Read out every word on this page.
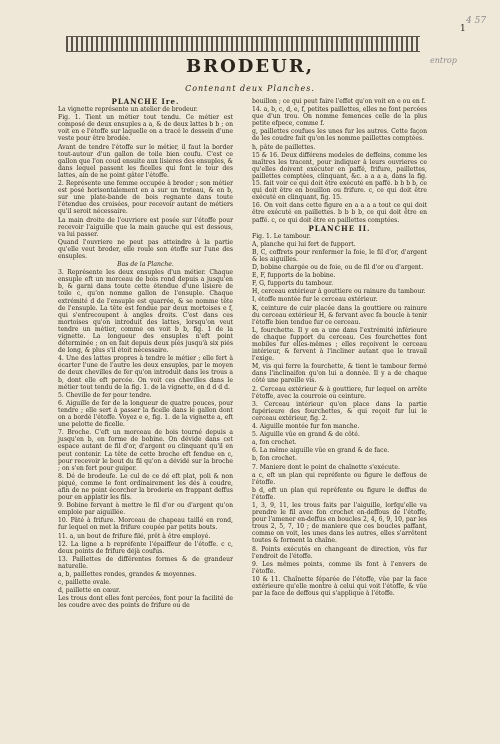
4 57
entrop
1
BRODEUR,
Contenant deux Planches.
PLANCHE Ire.

La vignette représente un atelier de brodeur.

Fig. 1. Tient un métier tout tendu. Ce métier est composé de deux ensuples a a, & de deux lattes b b ; on voit en e l'étoffe sur laquelle on a tracé le dessein d'une veste pour être brodée.

Avant de tendre l'étoffe sur le métier, il faut la border tout-autour d'un gallon de toile bien coufu. C'est ce gallon que l'on coud ensuite aux lisieres des ensuples, & dans lequel passent les ficelles qui font le tour des lattes, ain de ne point gâter l'étoffe.

2. Représente une femme occupée à broder ; son métier est posé horisontalement en a sur un treteau, & en b, sur une plate-bande de bois regnante dans toute l'étendue des croisées, pour recevoir autant de métiers qu'il seroit nécessaire.

La main droite de l'ouvriere est posée sur l'étoffe pour recevoir l'aiguille que la main gauche qui est dessous, va lui passer.

Quand l'ouvriere ne peut pas atteindre à la partie qu'elle veut broder, elle roule son étoffe sur l'une des ensuples.

Bas de la Planche.

3. Représente les deux ensuples d'un métier. Chaque ensuple eft un morceau de bois rond depuis a jusqu'en b, & garni dans toute cette étendue d'une lisiere de toile c, qu'on nomme gallon de l'ensuple. Chaque extrémité d de l'ensuple est quarrée, & se nomme tête de l'ensuple. La tête est fendue par deux mortoises e f, qui s'entrecoupent à angles droits. C'est dans ces mortoises qu'on introduit des lattes, lorsqu'on veut tendre un métier, comme on voit b b, fig. 1 de la vignette. La longueur des ensuples n'eft point déterminée ; on en fait depuis deux piés jusqu'à six piés de long, & plus s'il étoit nécessaire.

4. Une des lattes propres à tendre le métier ; elle fert à écarter l'une de l'autre les deux ensuples, par le moyen de deux chevilles de fer qu'on introduit dans les trous a b, dont elle eft percée. On voit ces chevilles dans le métier tout tendu de la fig. 1. de la vignette, en d d d d.

5. Cheville de fer pour tendre.

6. Aiguille de fer de la longueur de quatre pouces, pour tendre ; elle sert à passer la ficelle dans le gallon dont on a bordé l'étoffe. Voyez e e, fig. 1. de la vignette a, eft une pelotte de ficelle.

7. Broche. C'eft un morceau de bois tourné depuis a jusqu'en b, en forme de bobine. On dévide dans cet espace autant de fil d'or, d'argent ou clinquant qu'il en peut contenir. La tête de cette broche eft fendue en c, pour recevoir le bout du fil qu'on a dévidé sur la broche ; on s'en fert pour guiper.

8. Dé de brodeufe. Le cul de ce dé eft plat, poli & non piqué, comme le font ordinairement les dés à coudre, afin de ne point écorcher la broderie en frappant deffus pour en applatir les fils.

9. Bobine fervant à mettre le fil d'or ou d'argent qu'on emploie par aiguillée.

10. Pâté à frifure. Morceau de chapeau taillé en rond, fur lequel on met la frifure coupée par petits bouts.

11. a, un bout de frifure filé, prêt à être employé.

12. La ligne a b repréfente l'épaiffeur de l'étoffe. c c, deux points de frifure déjà coufus.

13. Paillettes de différentes formes & de grandeur naturelle.

a, b, paillettes rondes, grandes & moyennes.

c, paillette ovale.

d, paillette en cœur.

Les trous dont elles font percées, font pour la facilité de les coudre avec des points de frifure ou de

bouillon ; ce qui peut faire l'effet qu'on voit en e ou en f.

14. a, b, c, d, e, f, petites paillettes, elles ne font percées que d'un trou. On nomme femences celle de la plus petite efpece, comme f.

g, paillettes coufues les unes fur les autres. Cette façon de les coudre fait qu'on les nomme paillettes comptées.

h, pâte de paillettes.

15 & 16. Deux différens modeles de deffeins, comme les maîtres les tracent, pour indiquer à leurs ouvrieres ce qu'elles doivent exécuter en paffé, frifure, paillettes, paillettes comptées, clinquant, &c. a a a a, dans la fig. 15. fait voir ce qui doit être exécuté en paffé. b b b b, ce qui doit être en bouillon ou frifure. c, ce qui doit être exécuté en clinquant, fig. 15.

16. On voit dans cette figure en a a a a tout ce qui doit être exécuté en paillettes. b b b b, ce qui doit être en paffé. c, ce qui doit être en paillettes comptées.

PLANCHE II.

Fig. 1. Le tambour.

A, planche qui lui fert de fupport.

B, C, coffrets pour renfermer la foie, le fil d'or, d'argent & les aiguilles.

D, bobine chargée ou de foie, ou de fil d'or ou d'argent.

E, F, fupports de la bobine.

F, G, fupports du tambour.

H, cerceau extérieur à gouttiere ou rainure du tambour.

I, étoffe montée fur le cerceau extérieur.

K, ceinture de cuir placée dans la gouttiere ou rainure du cerceau extérieur H, & fervant avec fa boucle à tenir l'étoffe bien tendue fur ce cerceau.

L, fourchette. Il y en a une dans l'extrémité inférieure de chaque fupport du cerceau. Ces fourchettes font mobiles fur elles-mêmes ; elles reçoivent le cerceau intérieur, & fervent à l'incliner autant que le travail l'exige.

M, vis qui ferre la fourchette, & tient le tambour fermé dans l'inclinaifon qu'on lui a donnée. Il y a de chaque côté une pareille vis.

2. Cerceau extérieur & à gouttiere, fur lequel on arrête l'étoffe, avec la courroie ou ceinture.

3. Cerceau intérieur qu'on place dans la partie fupérieure des fourchettes, & qui reçoit fur lui le cerceau extérieur, fig. 2.

4. Aiguille montée fur fon manche.

5. Aiguille vûe en grand & de côté.

a, fon crochet.

6. La même aiguille vûe en grand & de face.

b, fon crochet.

7. Maniere dont le point de chaînette s'exécute.

a c, eft un plan qui repréfente ou figure le deffous de l'étoffe.

b d, eft un plan qui repréfente ou figure le deffus de l'étoffe.

1, 3, 9, 11, les trous faits par l'aiguille, lorfqu'elle va prendre le fil avec fon crochet en-deffous de l'étoffe, pour l'amener en-deffus en boucles 2, 4, 6, 9, 10, par les trous 2, 5, 7, 10 ; de maniere que ces boucles paffant, comme on voit, les unes dans les autres, elles s'arrêtent toutes & forment la chaîne.

8. Points exécutés en changeant de direction, vûs fur l'endroit de l'étoffe.

9. Les mêmes points, comme ils font à l'envers de l'étoffe.

10 & 11. Chaînette féparée de l'étoffe, vûe par la face extérieure qu'elle montre à celui qui voit l'étoffe, & vûe par la face de deffous qui s'applique à l'étoffe.
